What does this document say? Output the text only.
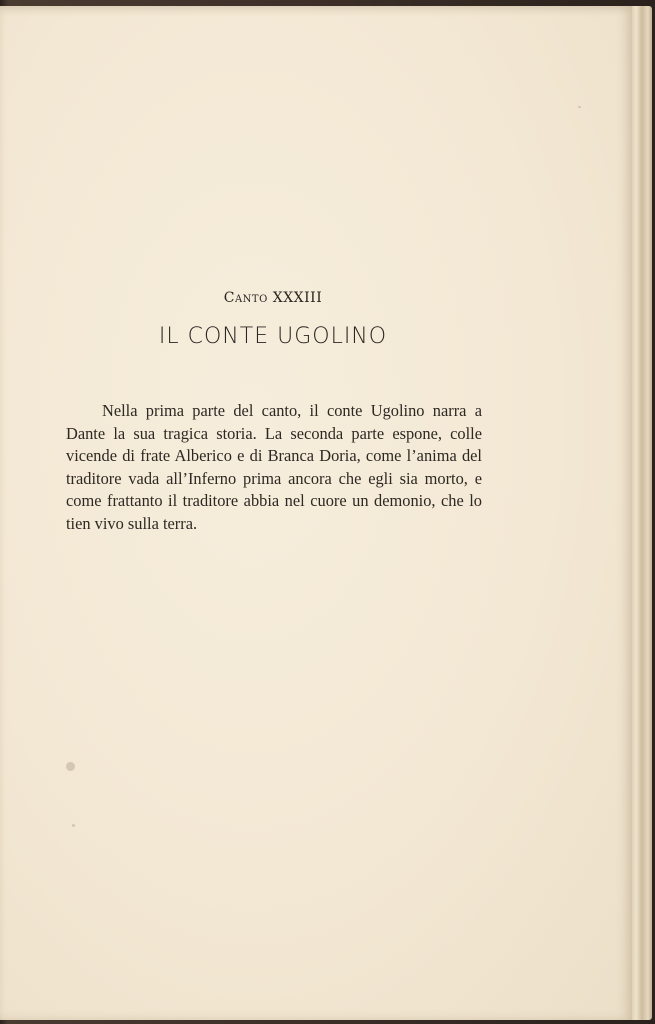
Canto XXXIII
IL CONTE UGOLINO

Nella prima parte del canto, il conte Ugolino narra a Dante la sua tragica storia. La seconda parte espone, colle vicende di frate Alberico e di Branca Doria, come l’anima del traditore vada all’Inferno prima ancora che egli sia morto, e come frattanto il traditore abbia nel cuore un demonio, che lo tien vivo sulla terra.
